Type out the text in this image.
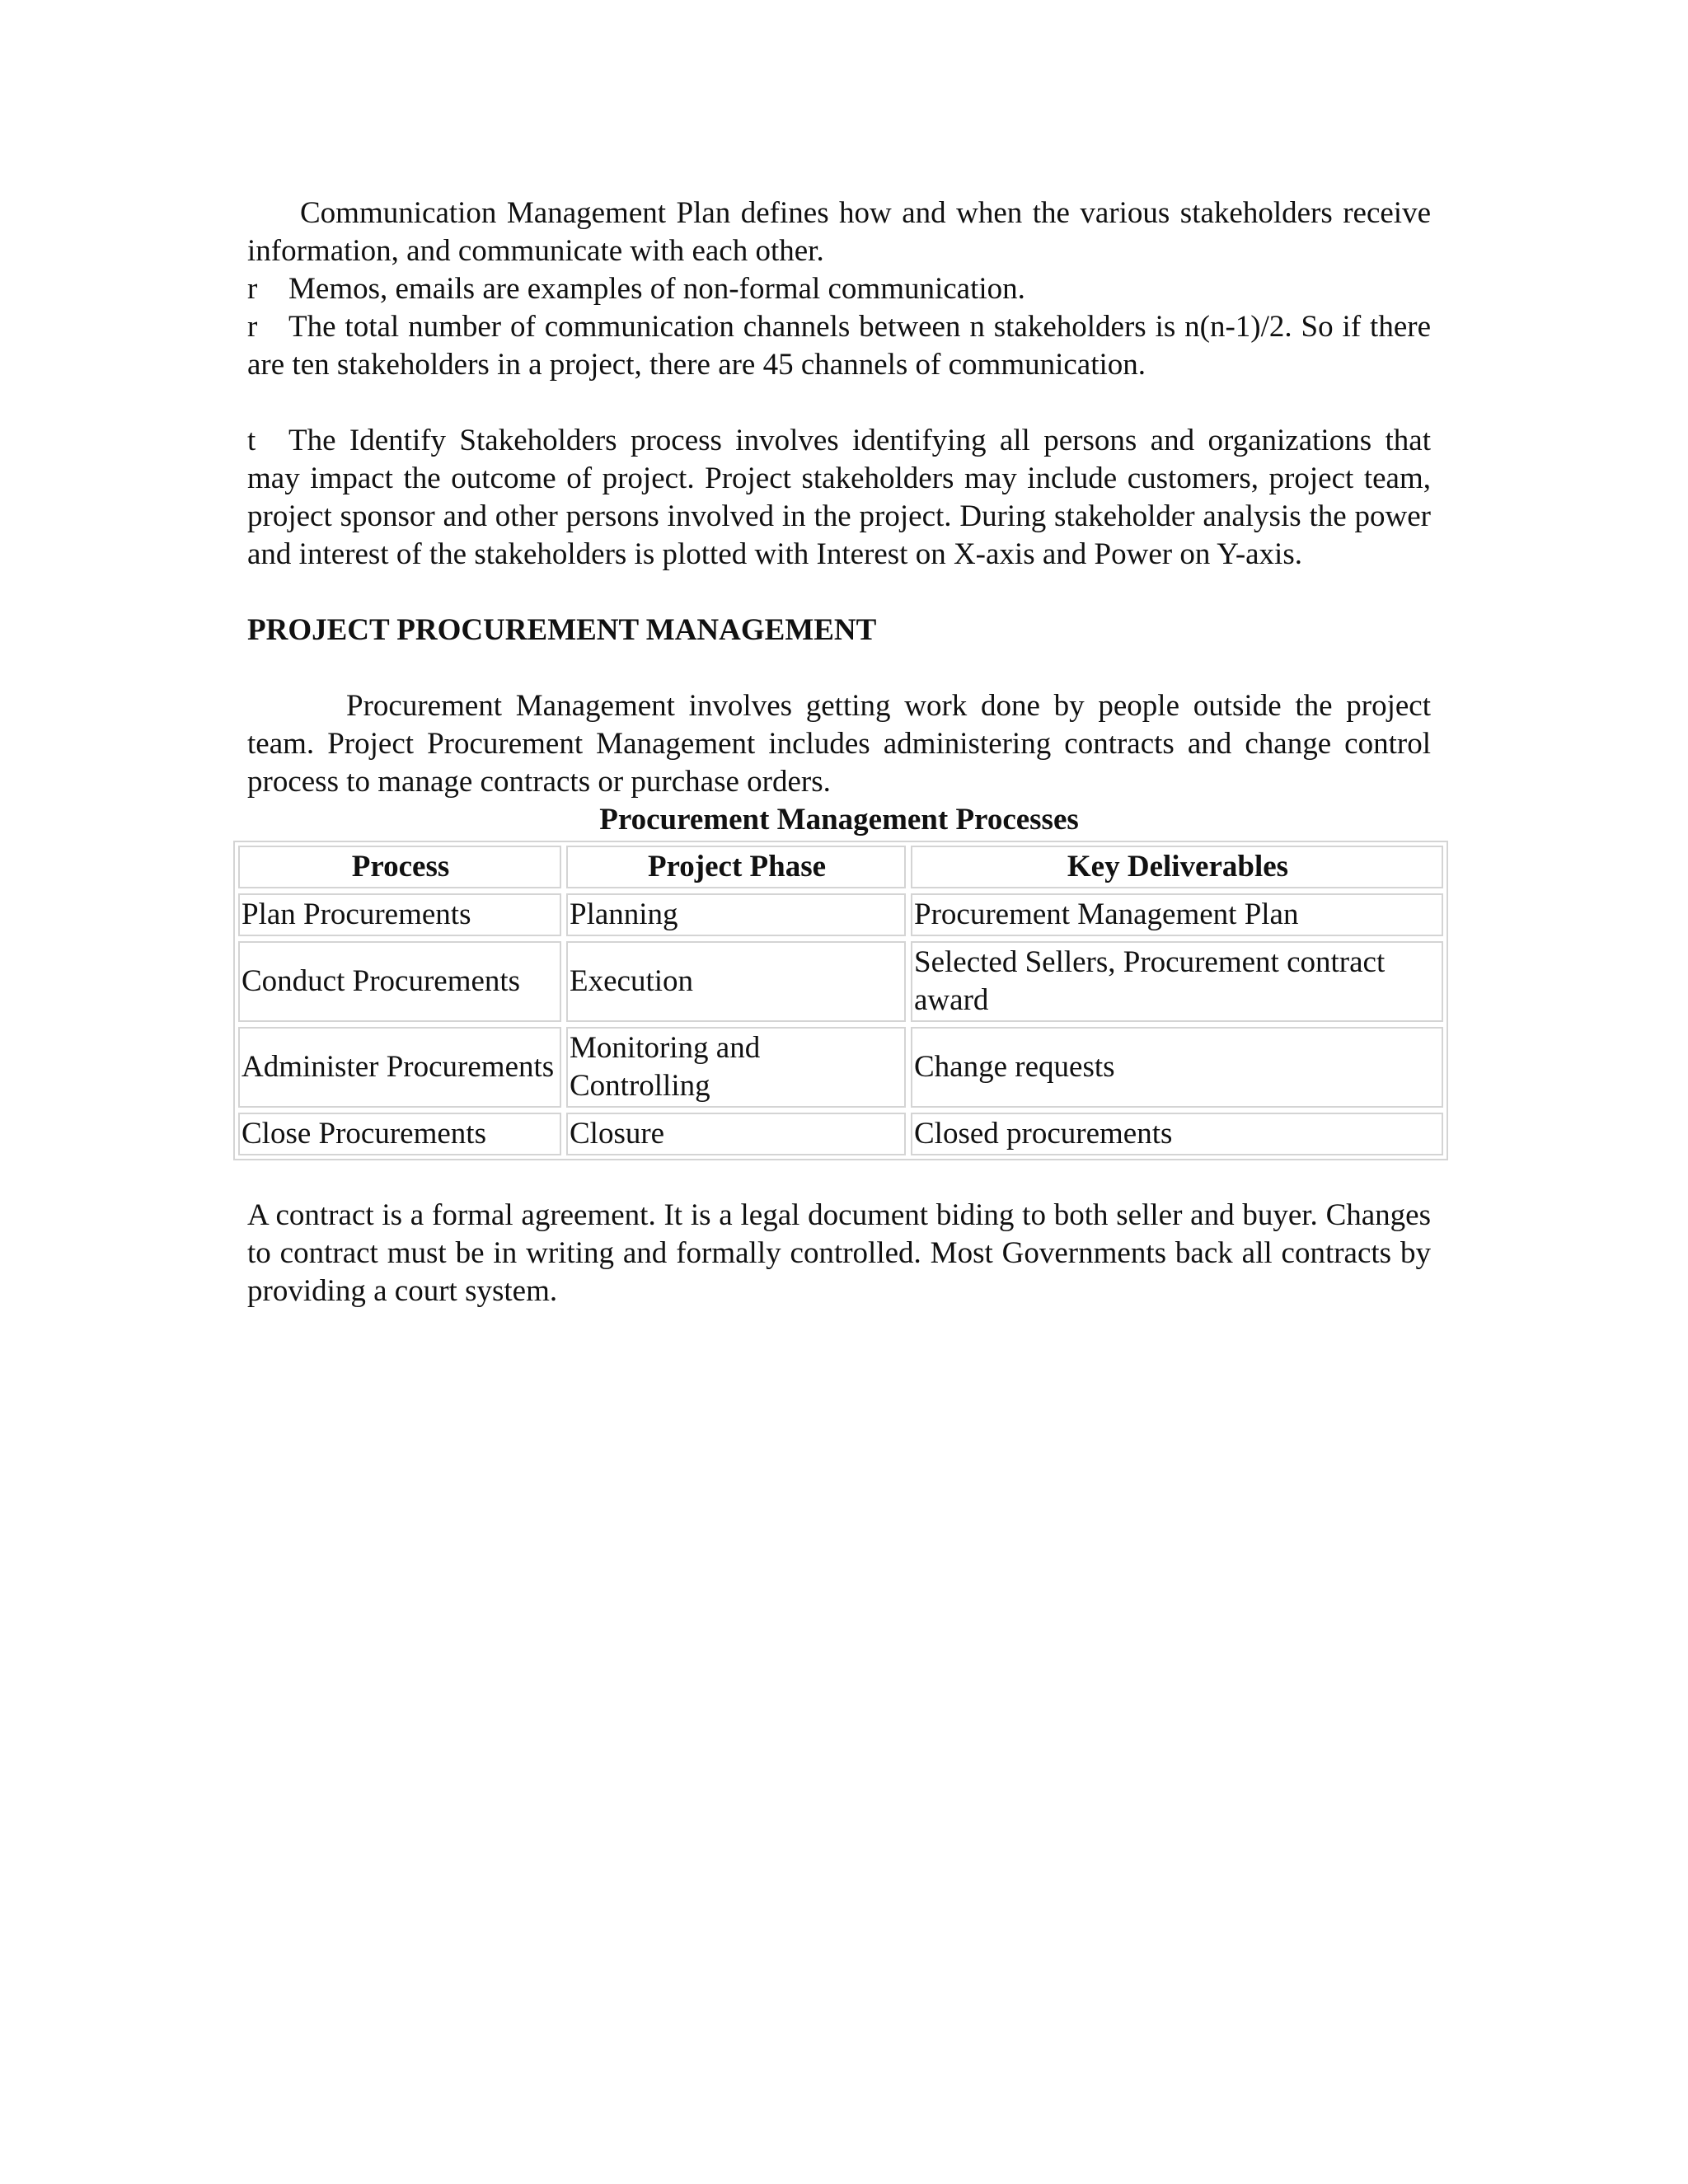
Communication Management Plan defines how and when the various stakeholders receive information, and communicate with each other.

r Memos, emails are examples of non-formal communication.

r The total number of communication channels between n stakeholders is n(n-1)/2. So if there are ten stakeholders in a project, there are 45 channels of communication.

t The Identify Stakeholders process involves identifying all persons and organizations that may impact the outcome of project. Project stakeholders may include customers, project team, project sponsor and other persons involved in the project. During stakeholder analysis the power and interest of the stakeholders is plotted with Interest on X-axis and Power on Y-axis.

PROJECT PROCUREMENT MANAGEMENT

Procurement Management involves getting work done by people outside the project team. Project Procurement Management includes administering contracts and change control process to manage contracts or purchase orders.

Procurement Management Processes

Process	Project Phase	Key Deliverables
Plan Procurements	Planning	Procurement Management Plan
Conduct Procurements	Execution	Selected Sellers, Procurement contract award
Administer Procurements	Monitoring and Controlling	Change requests
Close Procurements	Closure	Closed procurements

A contract is a formal agreement. It is a legal document biding to both seller and buyer. Changes to contract must be in writing and formally controlled. Most Governments back all contracts by providing a court system.
